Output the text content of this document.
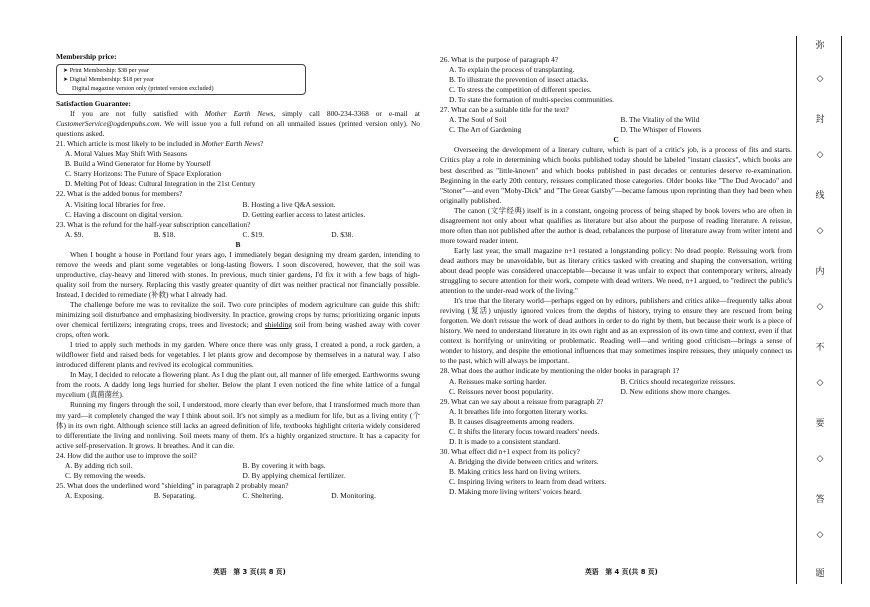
Membership price:

➤ Print Membership: $38 per year
➤ Digital Membership: $18 per year
Digital magazine version only (printed version excluded)

Satisfaction Guarantee:

If you are not fully satisfied with Mother Earth News, simply call 800-234-3368 or e-mail at CustomerService@ogdenpubs.com. We will issue you a full refund on all unmailed issues (printed version only). No questions asked.

21. Which article is most likely to be included in Mother Earth News?

A. Moral Values May Shift With Seasons

B. Build a Wind Generator for Home by Yourself

C. Starry Horizons: The Future of Space Exploration

D. Melting Pot of Ideas: Cultural Integration in the 21st Century

22. What is the added bonus for members?

A. Visiting local libraries for free.	B. Hosting a live Q&A session.
C. Having a discount on digital version.	D. Getting earlier access to latest articles.

23. What is the refund for the half-year subscription cancellation?

A. $9.	B. $18.	C. $19.	D. $38.

B

When I bought a house in Portland four years ago, I immediately began designing my dream garden, intending to remove the weeds and plant some vegetables or long-lasting flowers. I soon discovered, however, that the soil was unproductive, clay-heavy and littered with stones. In previous, much tinier gardens, I'd fix it with a few bags of high-quality soil from the nursery. Replacing this vastly greater quantity of dirt was neither practical nor financially possible. Instead, I decided to remediate (补救) what I already had.

The challenge before me was to revitalize the soil. Two core principles of modern agriculture can guide this shift: minimizing soil disturbance and emphasizing biodiversity. In practice, growing crops by turns; prioritizing organic inputs over chemical fertilizers; integrating crops, trees and livestock; and shielding soil from being washed away with cover crops, often work.

I tried to apply such methods in my garden. Where once there was only grass, I created a pond, a rock garden, a wildflower field and raised beds for vegetables. I let plants grow and decompose by themselves in a natural way. I also introduced different plants and revived its ecological communities.

In May, I decided to relocate a flowering plant. As I dug the plant out, all manner of life emerged. Earthworms swung from the roots. A daddy long legs hurried for shelter. Below the plant I even noticed the fine white lattice of a fungal mycelium (真菌菌丝).

Running my fingers through the soil, I understood, more clearly than ever before, that I transformed much more than my yard—it completely changed the way I think about soil. It's not simply as a medium for life, but as a living entity (个体) in its own right. Although science still lacks an agreed definition of life, textbooks highlight criteria widely considered to differentiate the living and nonliving. Soil meets many of them. It's a highly organized structure. It has a capacity for active self-preservation. It grows. It breathes. And it can die.

24. How did the author use to improve the soil?

A. By adding rich soil.	B. By covering it with bags.
C. By removing the weeds.	D. By applying chemical fertilizer.

25. What does the underlined word "shielding" in paragraph 2 probably mean?

A. Exposing.	B. Separating.	C. Sheltering.	D. Monitoring.
英语　第 3 页(共 8 页)

26. What is the purpose of paragraph 4?

A. To explain the process of transplanting.

B. To illustrate the prevention of insect attacks.

C. To stress the competition of different species.

D. To state the formation of multi-species communities.

27. What can be a suitable title for the text?

A. The Soul of Soil	B. The Vitality of the Wild
C. The Art of Gardening	D. The Whisper of Flowers

C

Overseeing the development of a literary culture, which is part of a critic's job, is a process of fits and starts. Critics play a role in determining which books published today should be labeled "instant classics", which books are best described as "little-known" and which books published in past decades or centuries deserve re-examination. Beginning in the early 20th century, reissues complicated those categories. Older books like "The Dud Avocado" and "Stoner"—and even "Moby-Dick" and "The Great Gatsby"—became famous upon reprinting than they had been when originally published.

The canon (文学经典) itself is in a constant, ongoing process of being shaped by book lovers who are often in disagreement not only about what qualifies as literature but also about the purpose of reading literature. A reissue, more often than not published after the author is dead, rebalances the purpose of literature away from writer intent and more toward reader intent.

Early last year, the small magazine n+1 restated a longstanding policy: No dead people. Reissuing work from dead authors may be unavoidable, but as literary critics tasked with creating and shaping the conversation, writing about dead people was considered unacceptable—because it was unfair to expect that contemporary writers, already struggling to secure attention for their work, compete with dead writers. We need, n+1 argued, to "redirect the public's attention to the under-read work of the living."

It's true that the literary world—perhaps egged on by editors, publishers and critics alike—frequently talks about reviving (复活) unjustly ignored voices from the depths of history, trying to ensure they are rescued from being forgotten. We don't reissue the work of dead authors in order to do right by them, but because their work is a piece of history. We need to understand literature in its own right and as an expression of its own time and context, even if that context is horrifying or uninviting or problematic. Reading well—and writing good criticism—brings a sense of wonder to history, and despite the emotional influences that may sometimes inspire reissues, they uniquely connect us to the past, which will always be important.

28. What does the author indicate by mentioning the older books in paragraph 1?

A. Reissues make sorting harder.	B. Critics should recategorize reissues.
C. Reissues never boost popularity.	D. New editions show more changes.

29. What can we say about a reissue from paragraph 2?

A. It breathes life into forgotten literary works.

B. It causes disagreements among readers.

C. It shifts the literary focus toward readers' needs.

D. It is made to a consistent standard.

30. What effect did n+1 expect from its policy?

A. Bridging the divide between critics and writers.

B. Making critics less hard on living writers.

C. Inspiring living writers to learn from dead writers.

D. Making more living writers' voices heard.

英语　第 4 页(共 8 页)
弥
◇
封
◇
线
◇
内
◇
不
◇
要
◇
答
◇
题
